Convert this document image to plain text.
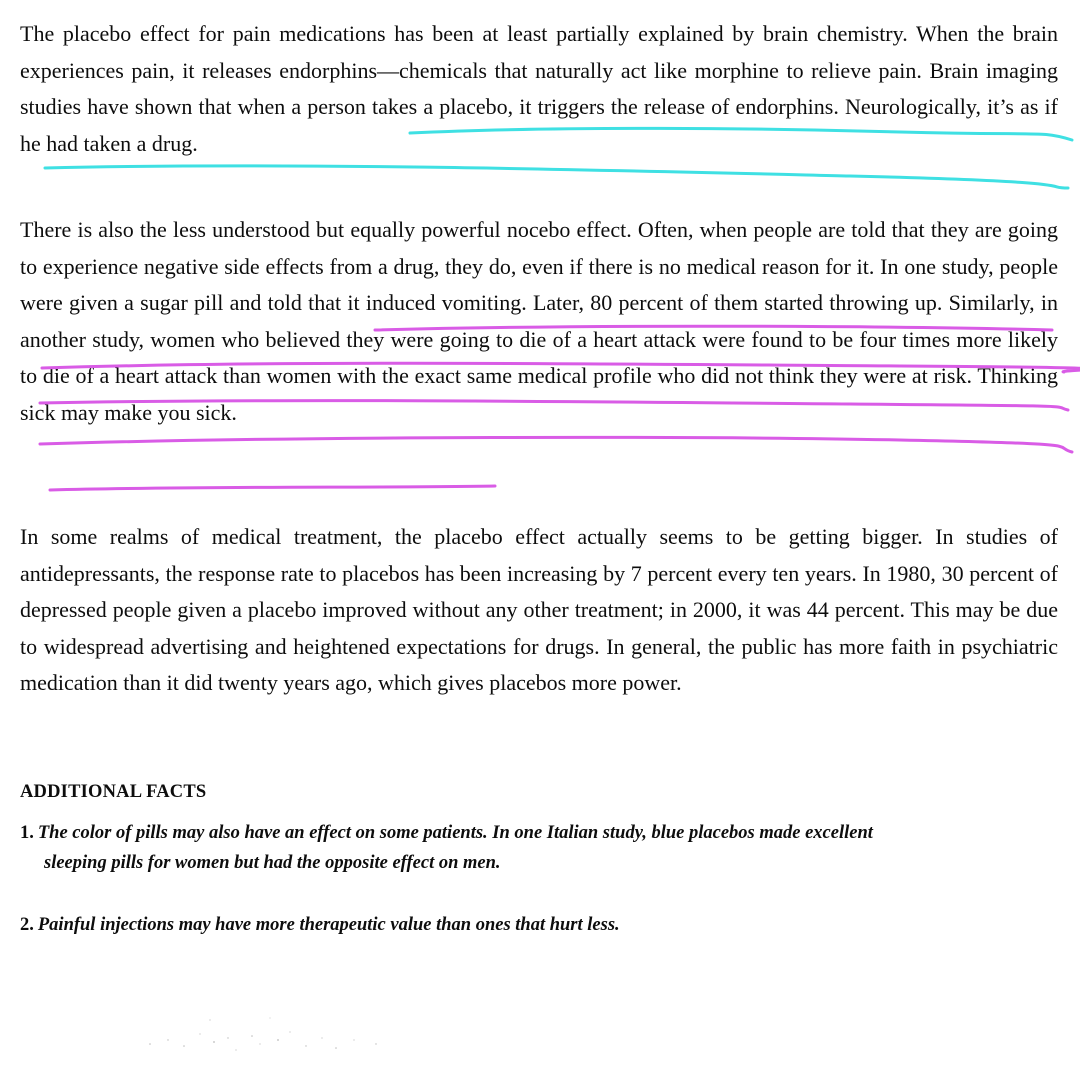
The placebo effect for pain medications has been at least partially explained by brain chemistry. When the brain experiences pain, it releases endorphins—chemicals that naturally act like morphine to relieve pain. Brain imaging studies have shown that when a person takes a placebo, it triggers the release of endorphins. Neurologically, it’s as if he had taken a drug.

There is also the less understood but equally powerful nocebo effect. Often, when people are told that they are going to experience negative side effects from a drug, they do, even if there is no medical reason for it. In one study, people were given a sugar pill and told that it induced vomiting. Later, 80 percent of them started throwing up. Similarly, in another study, women who believed they were going to die of a heart attack were found to be four times more likely to die of a heart attack than women with the exact same medical profile who did not think they were at risk. Thinking sick may make you sick.

In some realms of medical treatment, the placebo effect actually seems to be getting bigger. In studies of antidepressants, the response rate to placebos has been increasing by 7 percent every ten years. In 1980, 30 percent of depressed people given a placebo improved without any other treatment; in 2000, it was 44 percent. This may be due to widespread advertising and heightened expectations for drugs. In general, the public has more faith in psychiatric medication than it did twenty years ago, which gives placebos more power.

ADDITIONAL FACTS

1. The color of pills may also have an effect on some patients. In one Italian study, blue placebos made excellent
sleeping pills for women but had the opposite effect on men.

2. Painful injections may have more therapeutic value than ones that hurt less.
